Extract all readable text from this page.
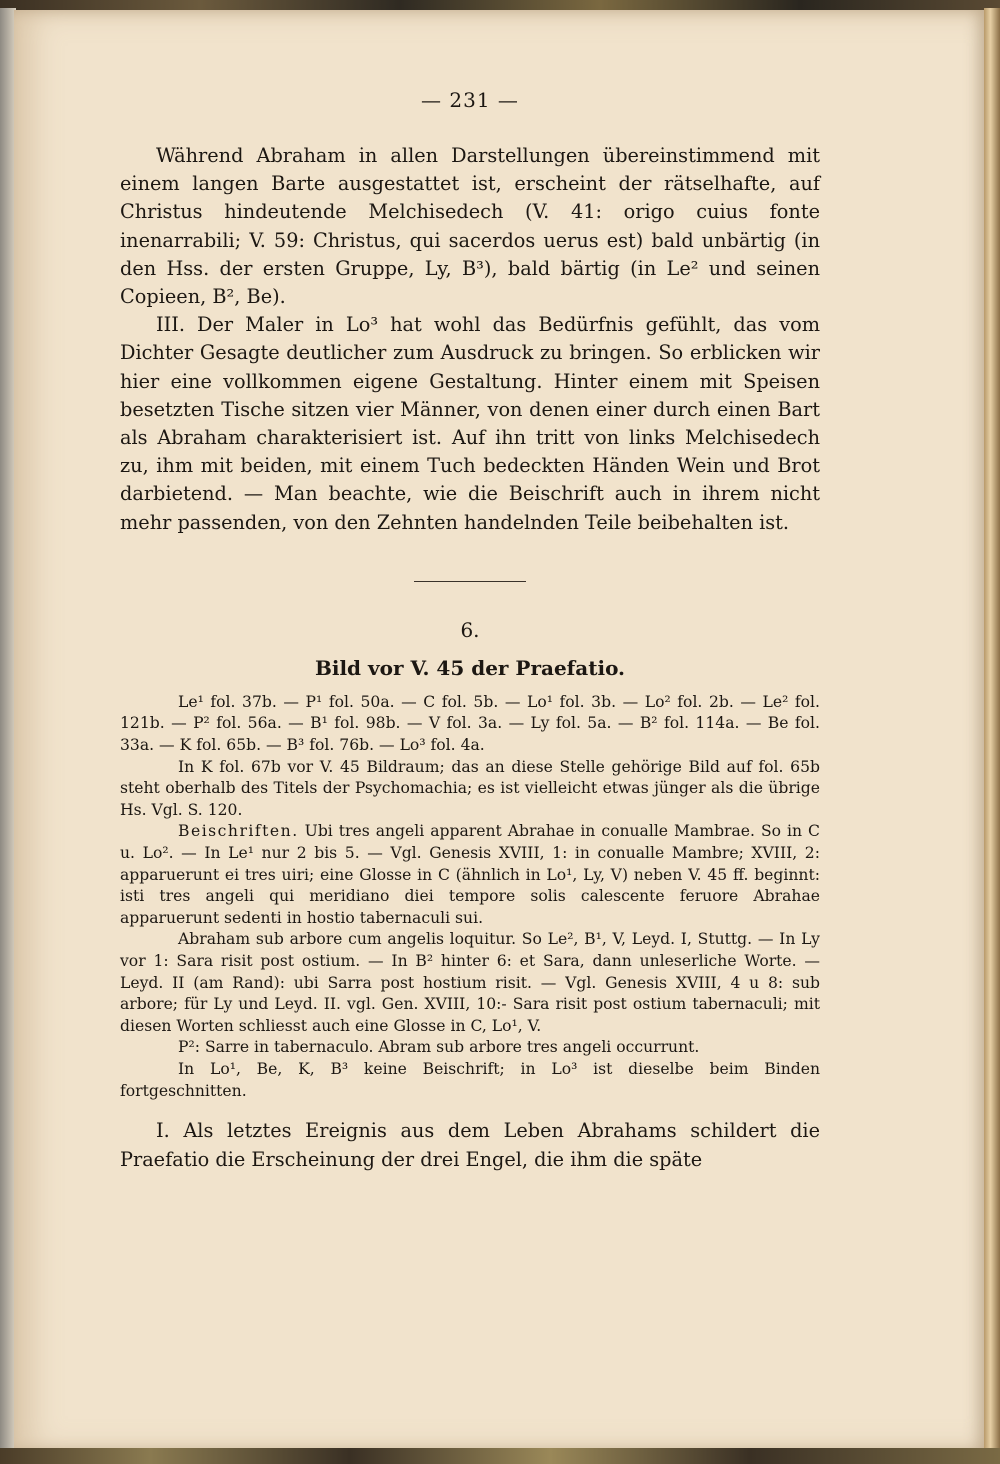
— 231 —

Während Abraham in allen Darstellungen übereinstimmend mit einem langen Barte ausgestattet ist, erscheint der rätselhafte, auf Christus hindeutende Melchisedech (V. 41: origo cuius fonte inenarrabili; V. 59: Christus, qui sacerdos uerus est) bald unbärtig (in den Hss. der ersten Gruppe, Ly, B³), bald bärtig (in Le² und seinen Copieen, B², Be).

III. Der Maler in Lo³ hat wohl das Bedürfnis gefühlt, das vom Dichter Gesagte deutlicher zum Ausdruck zu bringen. So erblicken wir hier eine vollkommen eigene Gestaltung. Hinter einem mit Speisen besetzten Tische sitzen vier Männer, von denen einer durch einen Bart als Abraham charakterisiert ist. Auf ihn tritt von links Melchisedech zu, ihm mit beiden, mit einem Tuch bedeckten Händen Wein und Brot darbietend. — Man beachte, wie die Beischrift auch in ihrem nicht mehr passenden, von den Zehnten handelnden Teile beibehalten ist.

6.
Bild vor V. 45 der Praefatio.

Le¹ fol. 37b. — P¹ fol. 50a. — C fol. 5b. — Lo¹ fol. 3b. — Lo² fol. 2b. — Le² fol. 121b. — P² fol. 56a. — B¹ fol. 98b. — V fol. 3a. — Ly fol. 5a. — B² fol. 114a. — Be fol. 33a. — K fol. 65b. — B³ fol. 76b. — Lo³ fol. 4a.

In K fol. 67b vor V. 45 Bildraum; das an diese Stelle gehörige Bild auf fol. 65b steht oberhalb des Titels der Psychomachia; es ist vielleicht etwas jünger als die übrige Hs. Vgl. S. 120.

Beischriften. Ubi tres angeli apparent Abrahae in conualle Mambrae. So in C u. Lo². — In Le¹ nur 2 bis 5. — Vgl. Genesis XVIII, 1: in conualle Mambre; XVIII, 2: apparuerunt ei tres uiri; eine Glosse in C (ähnlich in Lo¹, Ly, V) neben V. 45 ff. beginnt: isti tres angeli qui meridiano diei tempore solis calescente feruore Abrahae apparuerunt sedenti in hostio tabernaculi sui.

Abraham sub arbore cum angelis loquitur. So Le², B¹, V, Leyd. I, Stuttg. — In Ly vor 1: Sara risit post ostium. — In B² hinter 6: et Sara, dann unleserliche Worte. — Leyd. II (am Rand): ubi Sarra post hostium risit. — Vgl. Genesis XVIII, 4 u 8: sub arbore; für Ly und Leyd. II. vgl. Gen. XVIII, 10:- Sara risit post ostium tabernaculi; mit diesen Worten schliesst auch eine Glosse in C, Lo¹, V.

P²: Sarre in tabernaculo. Abram sub arbore tres angeli occurrunt.

In Lo¹, Be, K, B³ keine Beischrift; in Lo³ ist dieselbe beim Binden fortgeschnitten.

I. Als letztes Ereignis aus dem Leben Abrahams schildert die Praefatio die Erscheinung der drei Engel, die ihm die späte
